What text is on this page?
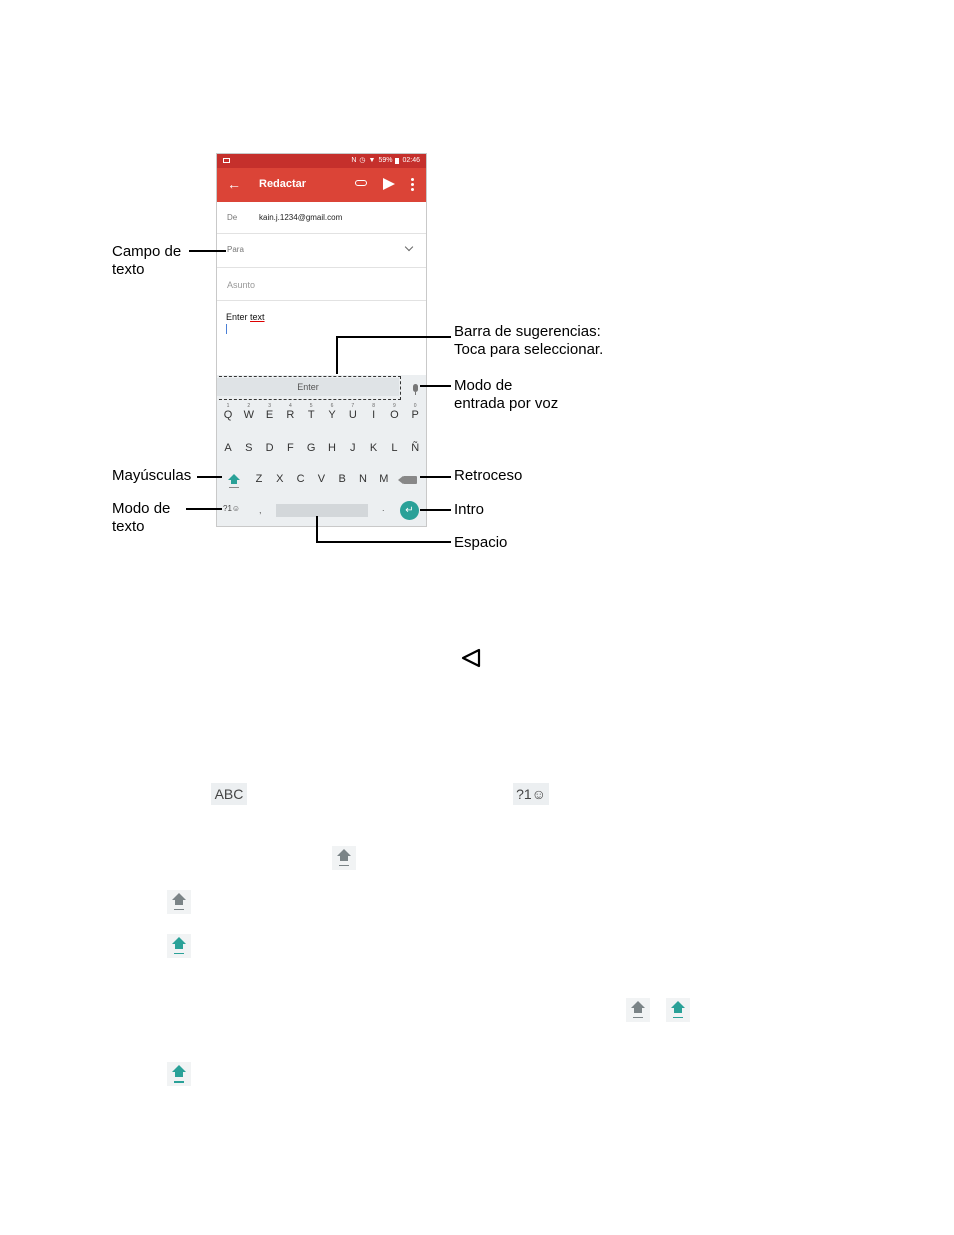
N ◷ ▼ 59% 02:46
← Redactar
De	kain.j.1234@gmail.com
Para
Asunto
Enter text
Enter
1
Q
2
W
3
E
4
R
5
T
6
Y
7
U
8
I
9
O
0
P
A	S	D	F	G	H	J	K	L	Ñ
Z	X	C	V	B	N	M
?1☺ ,	.	↵
Campo de
texto
Barra de sugerencias:
Toca para seleccionar.
Modo de
entrada por voz
Mayúsculas	Retroceso
Modo de
texto
Intro
Espacio
ABC	?1☺
